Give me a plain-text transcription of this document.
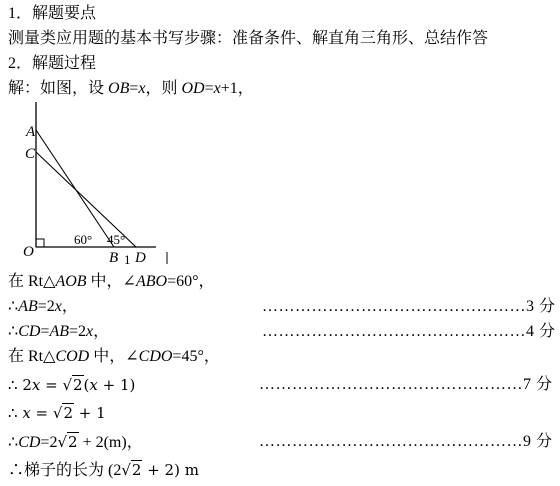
1．解题要点
测量类应用题的基本书写步骤：准备条件、解直角三角形、总结作答
2．解题过程
解：如图，设 OB=x，则 OD=x+1，
A
C
O
60° 45°
B 1 D
在 Rt△AOB 中，∠ABO=60°，
∴AB=2x，	…………………………………………3 分
∴CD=AB=2x，	…………………………………………4 分
在 Rt△COD 中，∠CDO=45°，
∴ 2x = √2(x + 1)	…………………………………………7 分
∴ x = √2 + 1
∴CD=2√2 + 2(m)，	…………………………………………9 分
∴梯子的长为 (2√2 + 2) m
